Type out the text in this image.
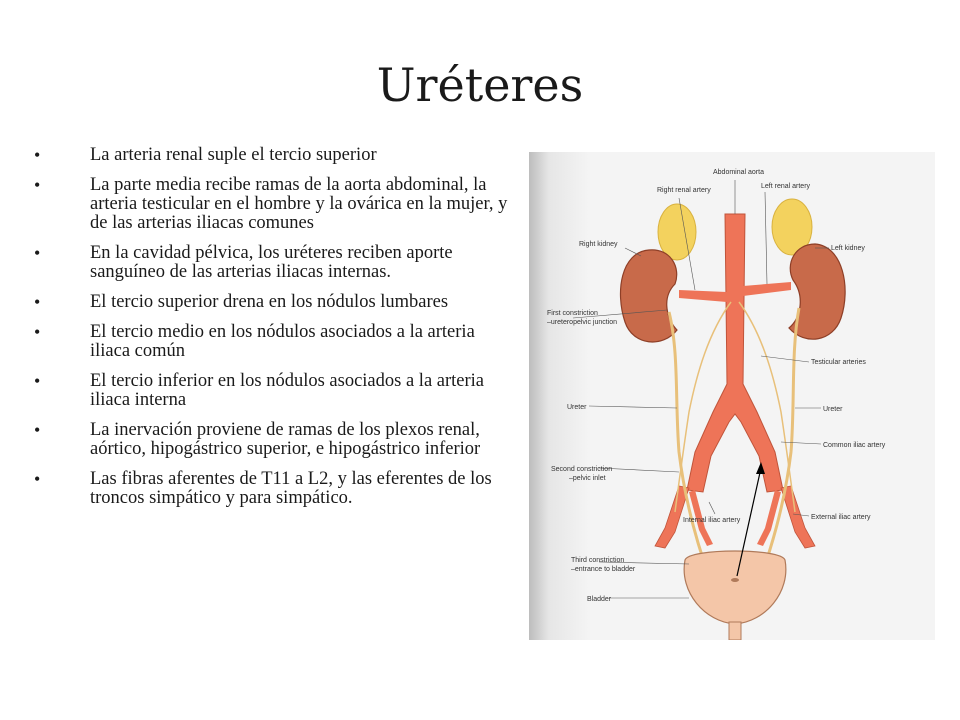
Uréteres
•	La arteria renal suple el tercio superior
•	La parte media recibe ramas de la aorta abdominal, la arteria testicular en el hombre y la ovárica en la mujer, y de las arterias iliacas comunes
•	En la cavidad pélvica, los uréteres reciben aporte sanguíneo de las arterias iliacas internas.
•	El tercio superior drena en los nódulos lumbares
•	El tercio medio en los nódulos asociados a la arteria iliaca común
•	El tercio inferior en los nódulos asociados a la arteria iliaca interna
•	La inervación proviene de ramas de los plexos renal, aórtico, hipogástrico superior, e hipogástrico inferior
•	Las fibras aferentes de T11 a L2, y las eferentes de los troncos simpático y para simpático.
Abdominal aorta
Right renal artery
Left renal artery
Left kidney
Right kidney
First constriction
–ureteropelvic junction
Testicular arteries
Ureter	Ureter
Common iliac artery
Second constriction
–pelvic inlet
Internal iliac artery	External iliac artery
Third constriction
–entrance to bladder
Bladder
